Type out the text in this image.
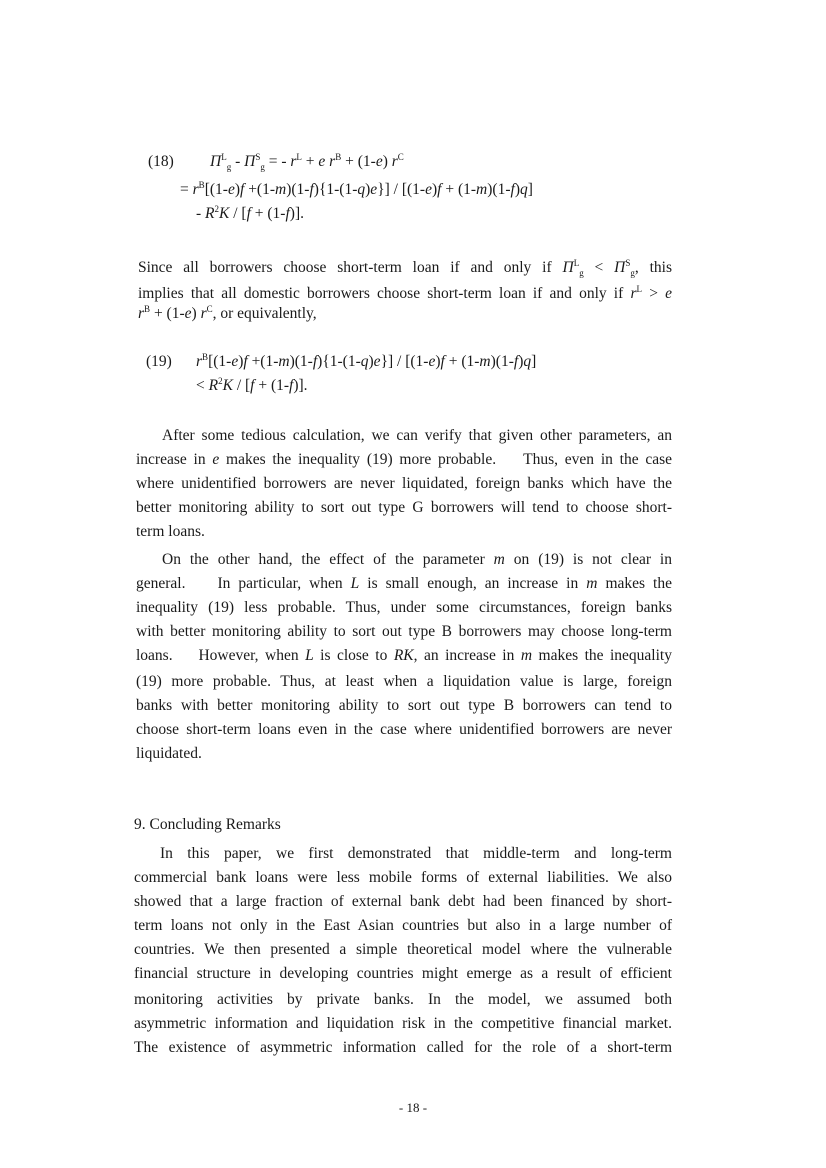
(18) $\Pi^L_g - \Pi^S_g$ = - $r^L + e$ $r^B + (1-e)$ $r^C$
= $r^B[(1-e)f +(1-m)(1-f)\{1-(1-q)e\}] / [(1-e)f + (1-m)(1-f)q]$
- $R^2K / [f + (1-f)]$.
Since all borrowers choose short-term loan if and only if $\Pi^L_g < \Pi^S_g$, this
implies that all domestic borrowers choose short-term loan if and only if $r^L > e$
$r^B + (1-e)$ $r^C$, or equivalently,
(19) $r^B[(1-e)f +(1-m)(1-f)\{1-(1-q)e\}] / [(1-e)f + (1-m)(1-f)q]$
< $R^2K / [f + (1-f)]$.
After some tedious calculation, we can verify that given other parameters, an
increase in e makes the inequality (19) more probable.    Thus, even in the case
where unidentified borrowers are never liquidated, foreign banks which have the
better monitoring ability to sort out type G borrowers will tend to choose short-
term loans.
On the other hand, the effect of the parameter m on (19) is not clear in
general.    In particular, when L is small enough, an increase in m makes the
inequality (19) less probable. Thus, under some circumstances, foreign banks
with better monitoring ability to sort out type B borrowers may choose long-term
loans.    However, when L is close to RK, an increase in m makes the inequality
(19) more probable. Thus, at least when a liquidation value is large, foreign
banks with better monitoring ability to sort out type B borrowers can tend to
choose short-term loans even in the case where unidentified borrowers are never
liquidated.
9. Concluding Remarks
In this paper, we first demonstrated that middle-term and long-term
commercial bank loans were less mobile forms of external liabilities. We also
showed that a large fraction of external bank debt had been financed by short-
term loans not only in the East Asian countries but also in a large number of
countries. We then presented a simple theoretical model where the vulnerable
financial structure in developing countries might emerge as a result of efficient
monitoring activities by private banks. In the model, we assumed both
asymmetric information and liquidation risk in the competitive financial market.
The existence of asymmetric information called for the role of a short-term
- 18 -
